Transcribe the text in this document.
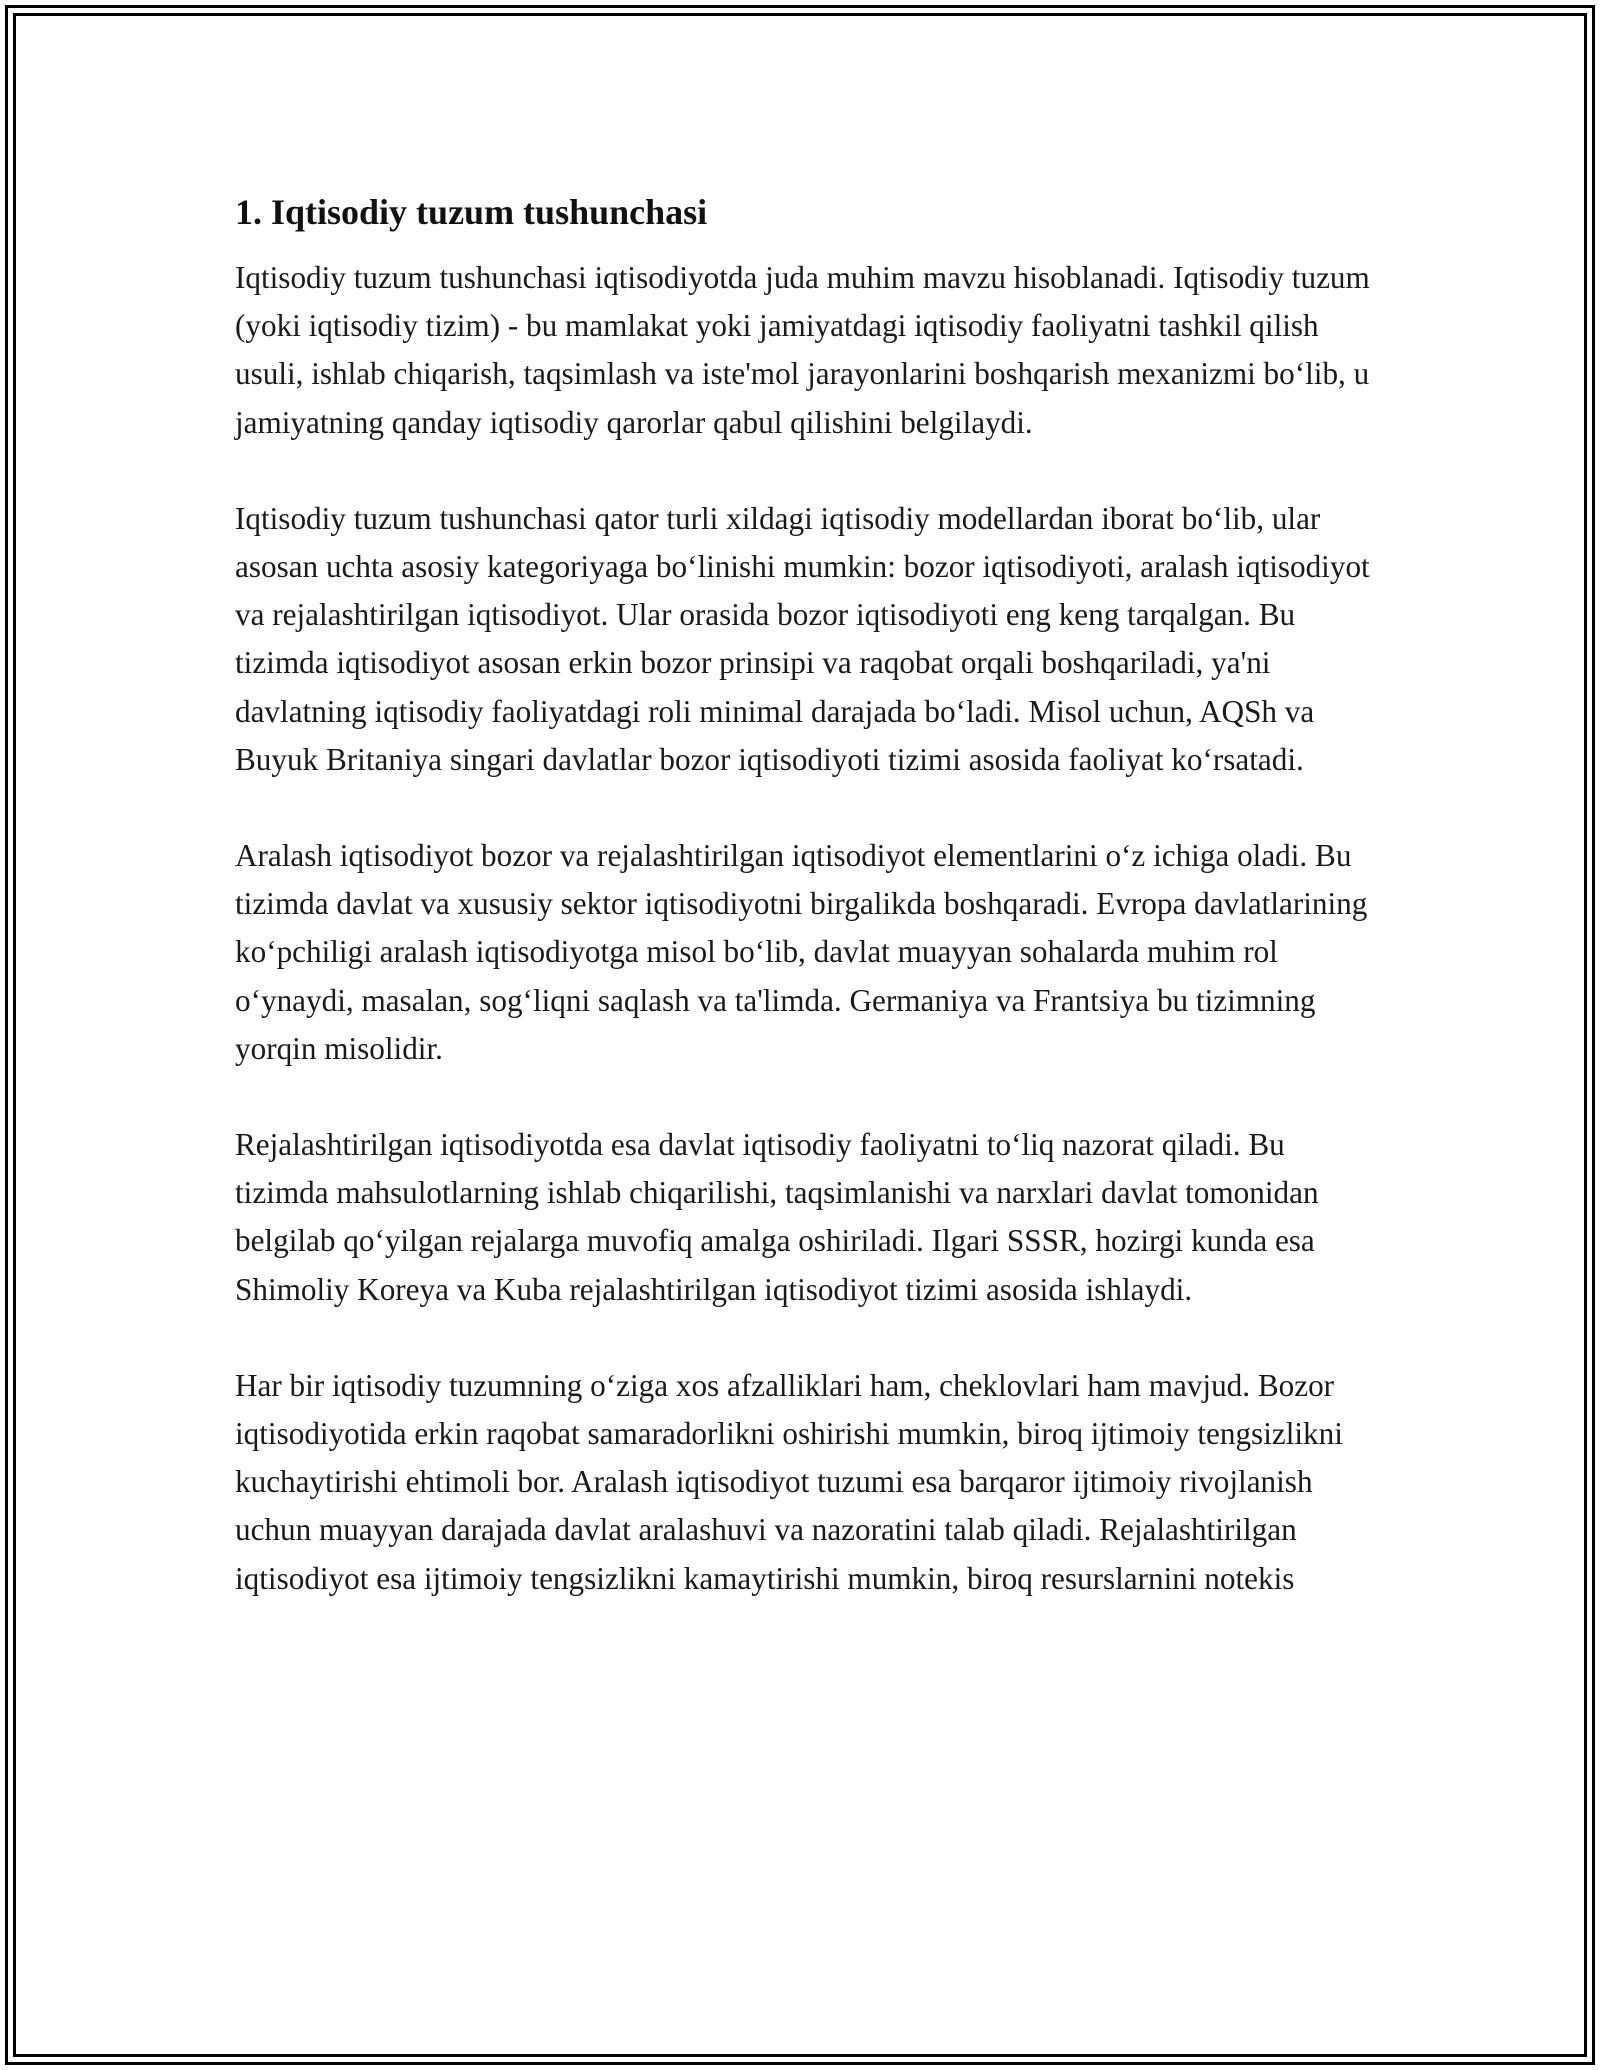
1. Iqtisodiy tuzum tushunchasi

Iqtisodiy tuzum tushunchasi iqtisodiyotda juda muhim mavzu hisoblanadi. Iqtisodiy tuzum (yoki iqtisodiy tizim) - bu mamlakat yoki jamiyatdagi iqtisodiy faoliyatni tashkil qilish usuli, ishlab chiqarish, taqsimlash va iste'mol jarayonlarini boshqarish mexanizmi bo‘lib, u jamiyatning qanday iqtisodiy qarorlar qabul qilishini belgilaydi.

Iqtisodiy tuzum tushunchasi qator turli xildagi iqtisodiy modellardan iborat bo‘lib, ular asosan uchta asosiy kategoriyaga bo‘linishi mumkin: bozor iqtisodiyoti, aralash iqtisodiyot va rejalashtirilgan iqtisodiyot. Ular orasida bozor iqtisodiyoti eng keng tarqalgan. Bu tizimda iqtisodiyot asosan erkin bozor prinsipi va raqobat orqali boshqariladi, ya'ni davlatning iqtisodiy faoliyatdagi roli minimal darajada bo‘ladi. Misol uchun, AQSh va Buyuk Britaniya singari davlatlar bozor iqtisodiyoti tizimi asosida faoliyat ko‘rsatadi.

Aralash iqtisodiyot bozor va rejalashtirilgan iqtisodiyot elementlarini o‘z ichiga oladi. Bu tizimda davlat va xususiy sektor iqtisodiyotni birgalikda boshqaradi. Evropa davlatlarining ko‘pchiligi aralash iqtisodiyotga misol bo‘lib, davlat muayyan sohalarda muhim rol o‘ynaydi, masalan, sog‘liqni saqlash va ta'limda. Germaniya va Frantsiya bu tizimning yorqin misolidir.

Rejalashtirilgan iqtisodiyotda esa davlat iqtisodiy faoliyatni to‘liq nazorat qiladi. Bu tizimda mahsulotlarning ishlab chiqarilishi, taqsimlanishi va narxlari davlat tomonidan belgilab qo‘yilgan rejalarga muvofiq amalga oshiriladi. Ilgari SSSR, hozirgi kunda esa Shimoliy Koreya va Kuba rejalashtirilgan iqtisodiyot tizimi asosida ishlaydi.

Har bir iqtisodiy tuzumning o‘ziga xos afzalliklari ham, cheklovlari ham mavjud. Bozor iqtisodiyotida erkin raqobat samaradorlikni oshirishi mumkin, biroq ijtimoiy tengsizlikni kuchaytirishi ehtimoli bor. Aralash iqtisodiyot tuzumi esa barqaror ijtimoiy rivojlanish uchun muayyan darajada davlat aralashuvi va nazoratini talab qiladi. Rejalashtirilgan iqtisodiyot esa ijtimoiy tengsizlikni kamaytirishi mumkin, biroq resurslarnini notekis
